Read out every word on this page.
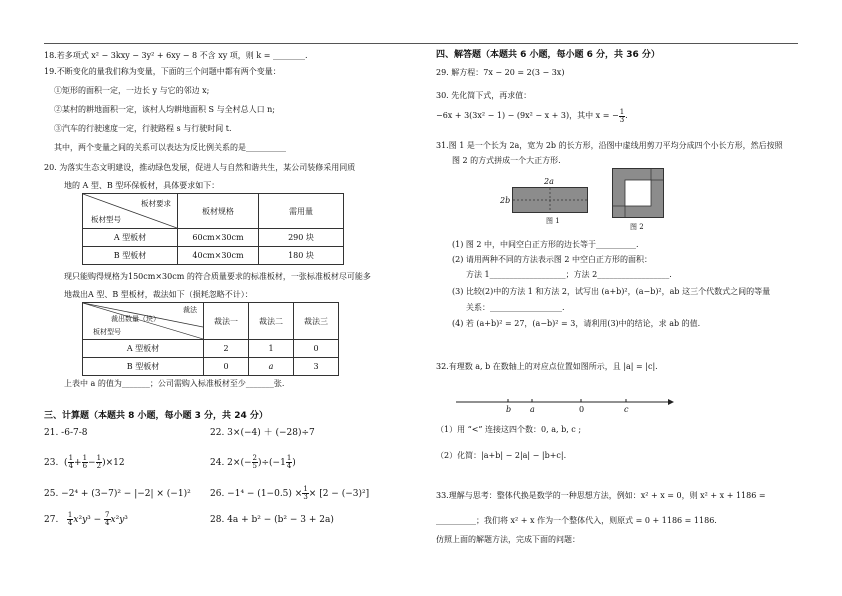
18.若多项式 x² − 3kxy − 3y² + 6xy − 8 不含 xy 项，则 k = ________.
19.不断变化的量我们称为变量，下面的三个问题中都有两个变量：
①矩形的面积一定，一边长 y 与它的邻边 x;
②某村的耕地面积一定，该村人均耕地面积 S 与全村总人口 n;
③汽车的行驶速度一定，行驶路程 s 与行驶时间 t.
其中，两个变量之间的关系可以表达为反比例关系的是__________
20. 为落实生态文明建设，推动绿色发展，促进人与自然和谐共生，某公司装修采用同质
地的 A 型、B 型环保板材，具体要求如下：
板材要求
板材型号	板材规格	需用量
A 型板材	60cm×30cm	290 块
B 型板材	40cm×30cm	180 块
现只能购得规格为150cm×30cm 的符合质量要求的标准板材，一张标准板材尽可能多
地裁出A 型、B 型板材，裁法如下（损耗忽略不计）：
裁法
裁出数量（块）
板材型号	裁法一	裁法二	裁法三
A 型板材	2	1	0
B 型板材	0	a	3
上表中 a 的值为_______；公司需购入标准板材至少_______张.
三、计算题（本题共 8 小题，每小题 3 分，共 24 分）
21. -6-7-8	22. 3×(−4) ＋ (−28)÷7
23.  ( $\frac{1}{4} + \frac{1}{6} - \frac{1}{2} )\times 12$	24. $2\times(- \frac{2}{5} )\div(-1 \frac{1}{4}$ )
25. −2⁴ + (3−7)² − |−2| × (−1)² 26. $-1^4 - (1-0.5) \times \frac{1}{3} \times [2 - (-3)^2]$
27. $\frac{1}{4} x^2y^3 - \frac{7}{4} x^2y^3$	28. 4a + b² − (b² − 3 + 2a)
四、解答题（本题共 6 小题，每小题 6 分，共 36 分）
29. 解方程：7x − 20 = 2(3 − 3x)
30. 先化简下式，再求值：
−6x + 3(3x² − 1) − (9x² − x + 3)，其中 x = − $\frac{1}{3}$ .
31.图 1 是一个长为 2a，宽为 2b 的长方形，沿图中虚线用剪刀平均分成四个小长方形，然后按照
图 2 的方式拼成一个大正方形.
2a
2b
图 1
图 2
(1) 图 2 中，中间空白正方形的边长等于__________.
(2) 请用两种不同的方法表示图 2 中空白正方形的面积：
方法 1___________________；方法 2__________________.
(3) 比较(2)中的方法 1 和方法 2，试写出 (a+b)²，(a−b)²，ab 这三个代数式之间的等量
关系：__________________.
(4) 若 (a+b)² = 27，(a−b)² = 3，请利用(3)中的结论，求 ab 的值.
32.有理数 a, b 在数轴上的对应点位置如图所示，且 |a| = |c|.
b a	0	c
（1）用 “<” 连接这四个数：0, a, b, c ;
（2）化简：|a+b| − 2|a| − |b+c|.
33.理解与思考：整体代换是数学的一种思想方法，例如：x² + x = 0，则 x² + x + 1186 =
__________；我们将 x² + x 作为一个整体代入，则原式 = 0 + 1186 = 1186.
仿照上面的解题方法，完成下面的问题：
